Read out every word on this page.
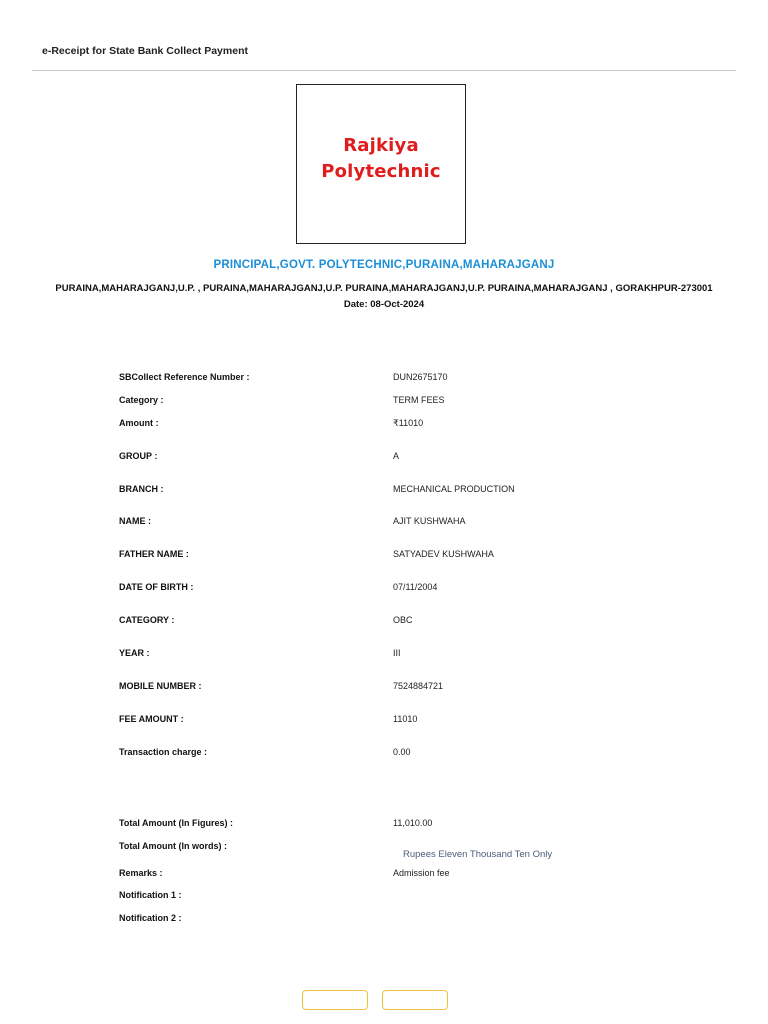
e-Receipt for State Bank Collect Payment
Rajkiya
Polytechnic
PRINCIPAL,GOVT. POLYTECHNIC,PURAINA,MAHARAJGANJ
PURAINA,MAHARAJGANJ,U.P. , PURAINA,MAHARAJGANJ,U.P. PURAINA,MAHARAJGANJ,U.P. PURAINA,MAHARAJGANJ , GORAKHPUR-273001
Date: 08-Oct-2024
SBCollect Reference Number :	DUN2675170
Category :	TERM FEES
Amount :	₹11010
GROUP :	A
BRANCH :	MECHANICAL PRODUCTION
NAME :	AJIT KUSHWAHA
FATHER NAME :	SATYADEV KUSHWAHA
DATE OF BIRTH :	07/11/2004
CATEGORY :	OBC
YEAR :	III
MOBILE NUMBER :	7524884721
FEE AMOUNT :	11010
Transaction charge :	0.00
Total Amount (In Figures) :	11,010.00
Total Amount (In words) :
Rupees Eleven Thousand Ten Only
Remarks :	Admission fee
Notification 1 :
Notification 2 :
